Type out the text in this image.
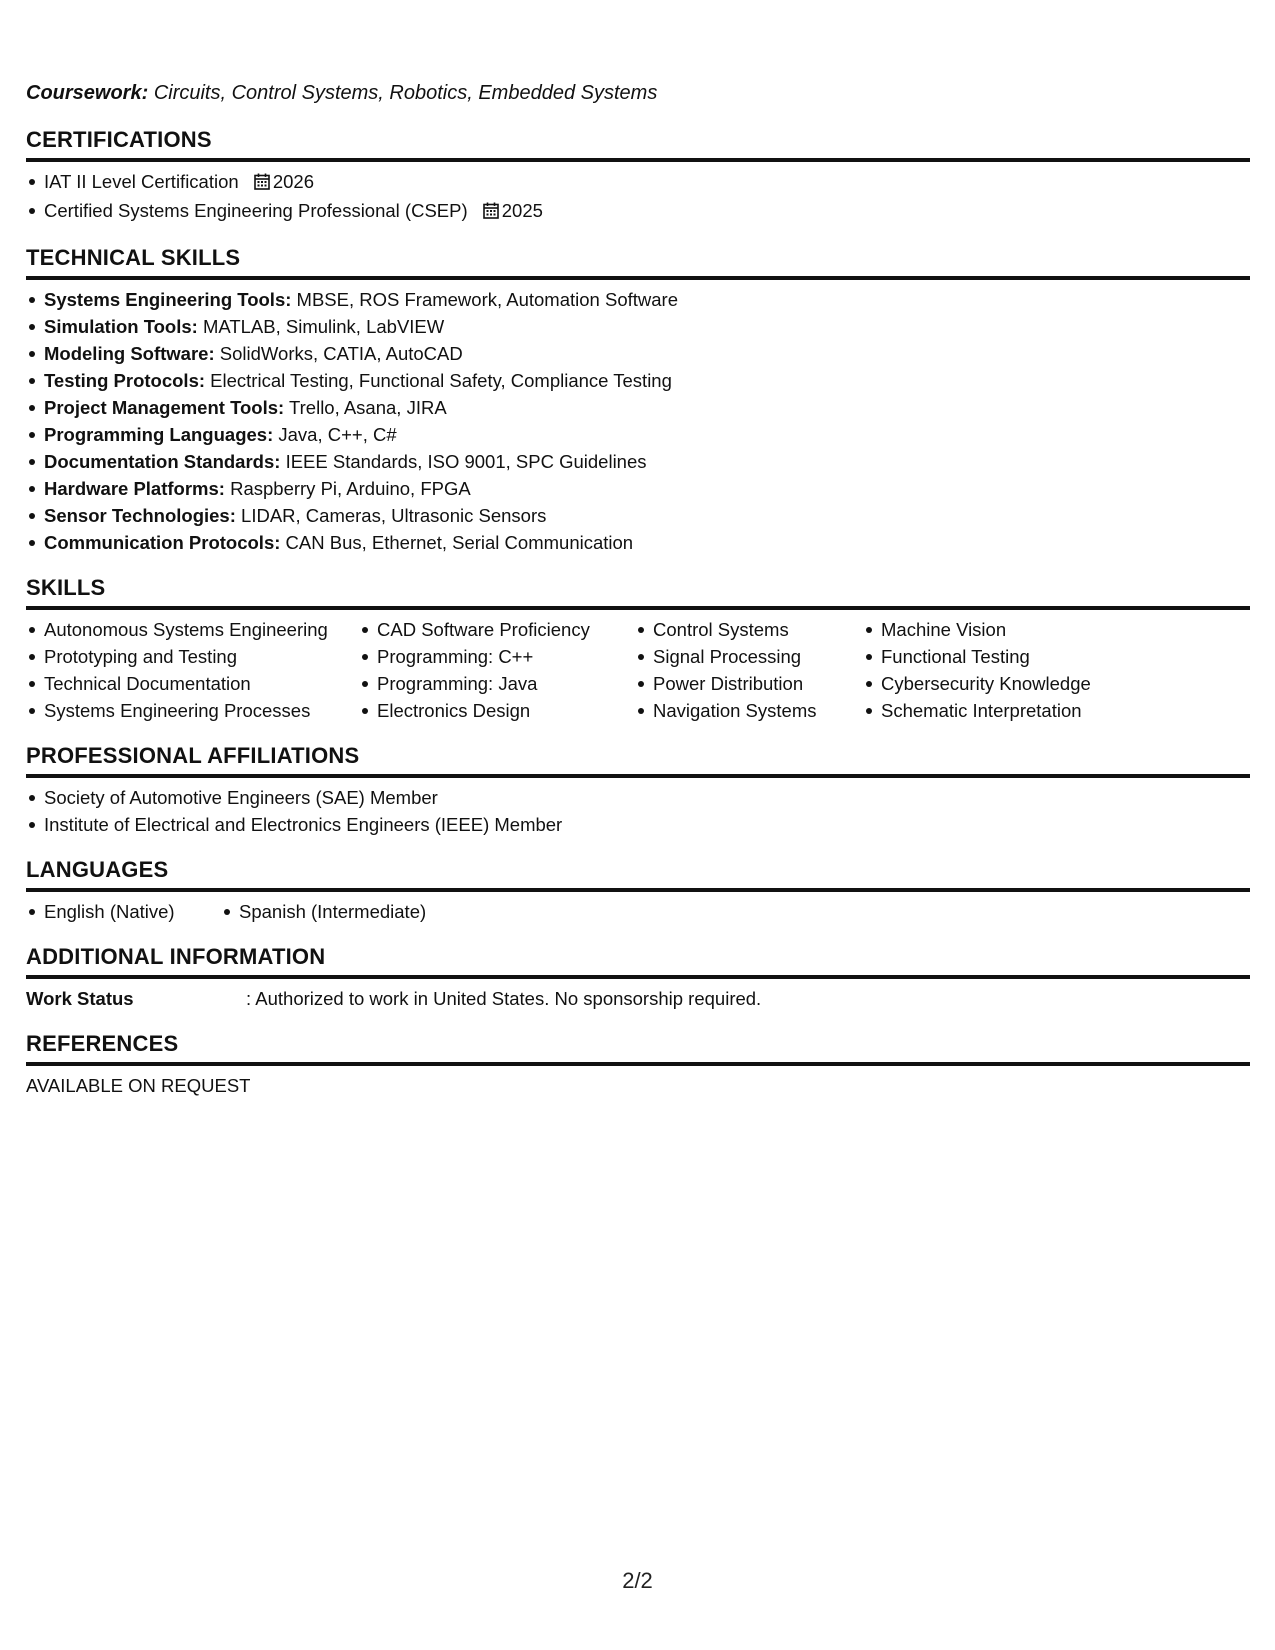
Coursework: Circuits, Control Systems, Robotics, Embedded Systems
CERTIFICATIONS
IAT II Level Certification 2026
Certified Systems Engineering Professional (CSEP) 2025
TECHNICAL SKILLS
Systems Engineering Tools: MBSE, ROS Framework, Automation Software
Simulation Tools: MATLAB, Simulink, LabVIEW
Modeling Software: SolidWorks, CATIA, AutoCAD
Testing Protocols: Electrical Testing, Functional Safety, Compliance Testing
Project Management Tools: Trello, Asana, JIRA
Programming Languages: Java, C++, C#
Documentation Standards: IEEE Standards, ISO 9001, SPC Guidelines
Hardware Platforms: Raspberry Pi, Arduino, FPGA
Sensor Technologies: LIDAR, Cameras, Ultrasonic Sensors
Communication Protocols: CAN Bus, Ethernet, Serial Communication
SKILLS
Autonomous Systems Engineering
Prototyping and Testing
Technical Documentation
Systems Engineering Processes
CAD Software Proficiency
Programming: C++
Programming: Java
Electronics Design
Control Systems
Signal Processing
Power Distribution
Navigation Systems
Machine Vision
Functional Testing
Cybersecurity Knowledge
Schematic Interpretation
PROFESSIONAL AFFILIATIONS
Society of Automotive Engineers (SAE) Member
Institute of Electrical and Electronics Engineers (IEEE) Member
LANGUAGES
English (Native)	Spanish (Intermediate)
ADDITIONAL INFORMATION
Work Status	: Authorized to work in United States. No sponsorship required.
REFERENCES
AVAILABLE ON REQUEST
2/2
